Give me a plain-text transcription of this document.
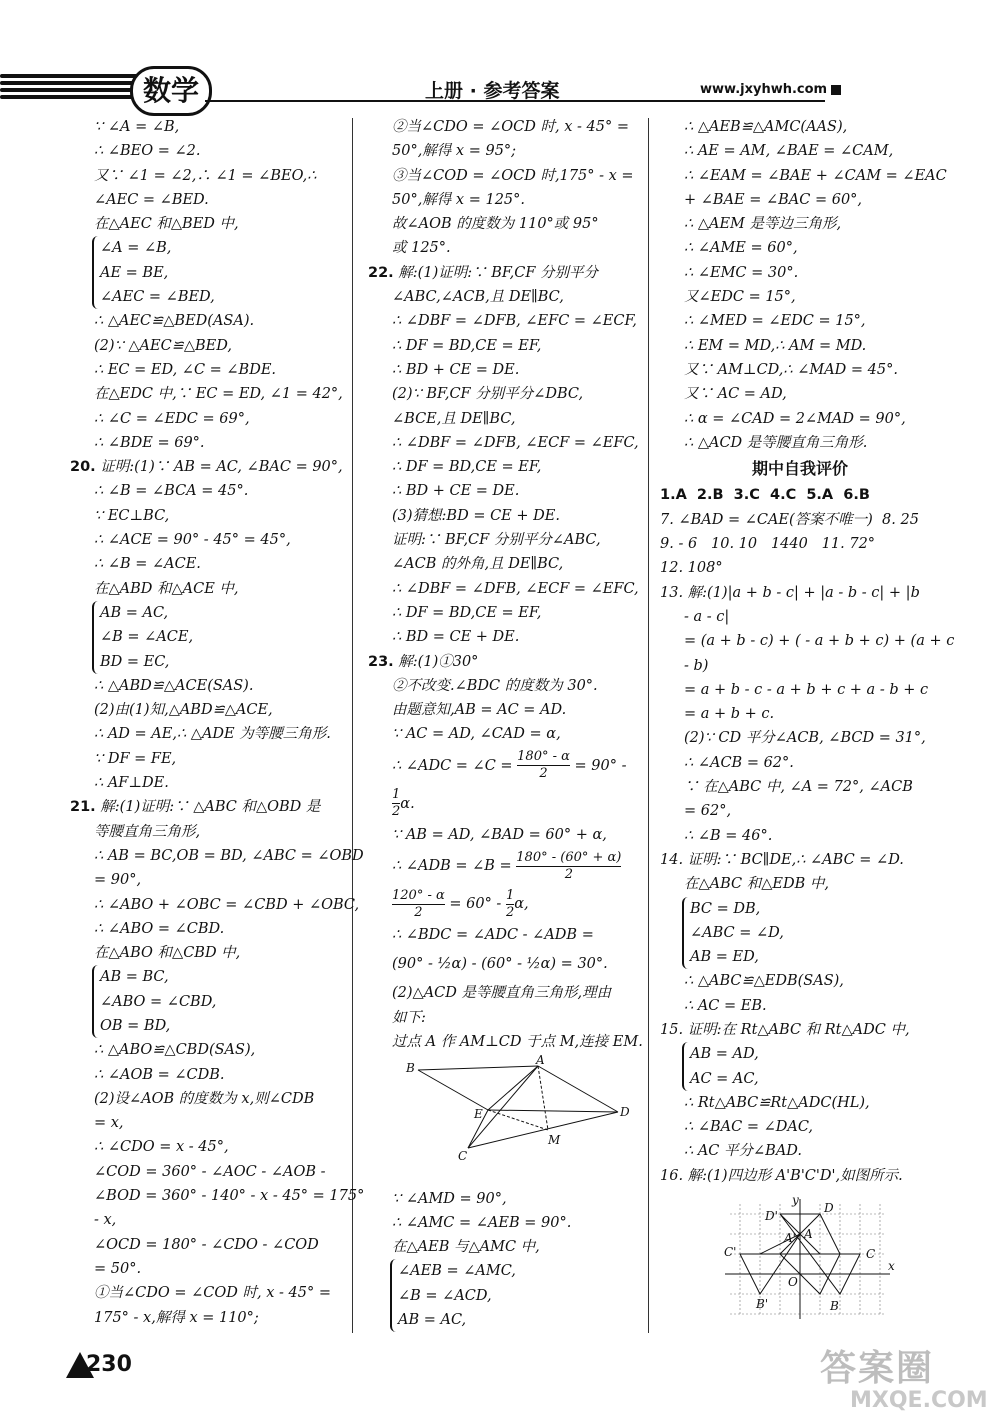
数学	上册 · 参考答案	www.jxyhwh.com
∵ ∠A = ∠B,
∴ ∠BEO = ∠2.
又∵ ∠1 = ∠2,∴ ∠1 = ∠BEO,∴
∠AEC = ∠BED.
在△AEC 和△BED 中,
∠A = ∠B,
AE = BE,
∠AEC = ∠BED,
∴ △AEC≌△BED(ASA).
(2)∵ △AEC≌△BED,
∴ EC = ED, ∠C = ∠BDE.
在△EDC 中,∵ EC = ED, ∠1 = 42°,
∴ ∠C = ∠EDC = 69°,
∴ ∠BDE = 69°.
20. 证明:(1)∵ AB = AC, ∠BAC = 90°,
∴ ∠B = ∠BCA = 45°.
∵ EC⊥BC,
∴ ∠ACE = 90° - 45° = 45°,
∴ ∠B = ∠ACE.
在△ABD 和△ACE 中,
AB = AC,
∠B = ∠ACE,
BD = EC,
∴ △ABD≌△ACE(SAS).
(2)由(1)知,△ABD≌△ACE,
∴ AD = AE,∴ △ADE 为等腰三角形.
∵ DF = FE,
∴ AF⊥DE.
21. 解:(1)证明:∵ △ABC 和△OBD 是
等腰直角三角形,
∴ AB = BC,OB = BD, ∠ABC = ∠OBD
= 90°,
∴ ∠ABO + ∠OBC = ∠CBD + ∠OBC,
∴ ∠ABO = ∠CBD.
在△ABO 和△CBD 中,
AB = BC,
∠ABO = ∠CBD,
OB = BD,
∴ △ABO≌△CBD(SAS),
∴ ∠AOB = ∠CDB.
(2)设∠AOB 的度数为 x,则∠CDB
= x,
∴ ∠CDO = x - 45°,
∠COD = 360° - ∠AOC - ∠AOB -
∠BOD = 360° - 140° - x - 45° = 175°
- x,
∠OCD = 180° - ∠CDO - ∠COD
= 50°.
①当∠CDO = ∠COD 时, x - 45° =
175° - x,解得 x = 110°;
②当∠CDO = ∠OCD 时, x - 45° =
50°,解得 x = 95°;
③当∠COD = ∠OCD 时,175° - x =
50°,解得 x = 125°.
故∠AOB 的度数为 110°或 95°
或 125°.
22. 解:(1)证明:∵ BF,CF 分别平分
∠ABC,∠ACB,且 DE∥BC,
∴ ∠DBF = ∠DFB, ∠EFC = ∠ECF,
∴ DF = BD,CE = EF,
∴ BD + CE = DE.
(2)∵ BF,CF 分别平分∠DBC,
∠BCE,且 DE∥BC,
∴ ∠DBF = ∠DFB, ∠ECF = ∠EFC,
∴ DF = BD,CE = EF,
∴ BD + CE = DE.
(3)猜想:BD = CE + DE.
证明:∵ BF,CF 分别平分∠ABC,
∠ACB 的外角,且 DE∥BC,
∴ ∠DBF = ∠DFB, ∠ECF = ∠EFC,
∴ DF = BD,CE = EF,
∴ BD = CE + DE.
23. 解:(1)①30°
②不改变.∠BDC 的度数为 30°.
由题意知,AB = AC = AD.
∵ AC = AD, ∠CAD = α,
∴ ∠ADC = ∠C = $\frac{180^\circ - \alpha}{2} = 90^\circ$ -
1
2
α.
∵ AB = AD, ∠BAD = 60° + α,
∴ ∠ADB = ∠B = $\frac{180^\circ - (60^\circ + \alpha)}{2}$
$\frac{120^\circ - \alpha}{2} = 60^\circ$ -
1
2
α,
∴ ∠BDC = ∠ADC - ∠ADB =
(90° - ½α) - (60° - ½α) = 30°.
(2)△ACD 是等腰直角三角形,理由
如下:
过点 A 作 AM⊥CD 于点 M,连接 EM.
B
A
E	D
C
M
∵ ∠AMD = 90°,
∴ ∠AMC = ∠AEB = 90°.
在△AEB 与△AMC 中,
∠AEB = ∠AMC,
∠B = ∠ACD,
AB = AC,
∴ △AEB≌△AMC(AAS),
∴ AE = AM, ∠BAE = ∠CAM,
∴ ∠EAM = ∠BAE + ∠CAM = ∠EAC
+ ∠BAE = ∠BAC = 60°,
∴ △AEM 是等边三角形,
∴ ∠AME = 60°,
∴ ∠EMC = 30°.
又∠EDC = 15°,
∴ ∠MED = ∠EDC = 15°,
∴ EM = MD,∴ AM = MD.
又∵ AM⊥CD,∴ ∠MAD = 45°.
又∵ AC = AD,
∴ α = ∠CAD = 2∠MAD = 90°,
∴ △ACD 是等腰直角三角形.
期中自我评价
1.A  2.B  3.C  4.C  5.A  6.B
7. ∠BAD = ∠CAE(答案不唯一)  8. 25
9. - 6   10. 10   1440   11. 72°
12. 108°
13. 解:(1)|a + b - c| + |a - b - c| + |b
- a - c|
= (a + b - c) + ( - a + b + c) + (a + c
- b)
= a + b - c - a + b + c + a - b + c
= a + b + c.
(2)∵ CD 平分∠ACB, ∠BCD = 31°,
∴ ∠ACB = 62°.
∵ 在△ABC 中, ∠A = 72°, ∠ACB
= 62°,
∴ ∠B = 46°.
14. 证明:∵ BC∥DE,∴ ∠ABC = ∠D.
在△ABC 和△EDB 中,
BC = DB,
∠ABC = ∠D,
AB = ED,
∴ △ABC≌△EDB(SAS),
∴ AC = EB.
15. 证明:在 Rt△ABC 和 Rt△ADC 中,
AB = AD,
AC = AC,
∴ Rt△ABC≌Rt△ADC(HL),
∴ ∠BAC = ∠DAC,
∴ AC 平分∠BAD.
16. 解:(1)四边形 A'B'C'D',如图所示.
y
x
O
D'
D
A' A
C'	C
B'	B
230	答案圈
MXQE.COM
